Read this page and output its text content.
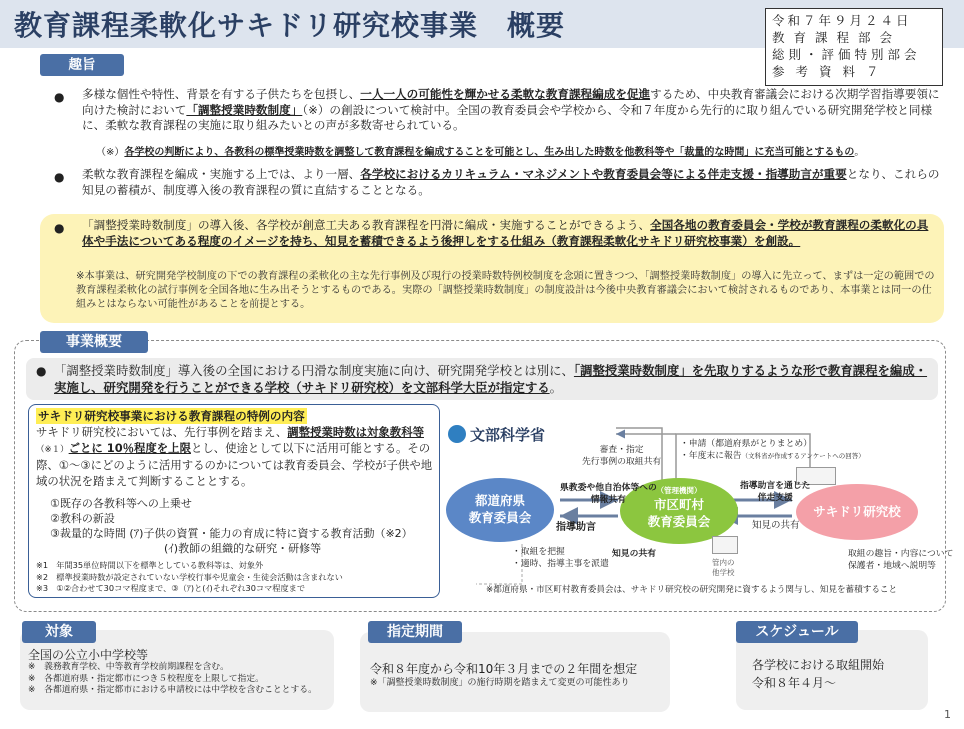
教育課程柔軟化サキドリ研究校事業　概要	令和７年９月２４日
教育課程部会
総則・評価特別部会
参考資料７
趣旨
● 多様な個性や特性、背景を有する子供たちを包摂し、一人一人の可能性を輝かせる柔軟な教育課程編成を促進するため、中央教育審議会における次期学習指導要領に向けた検討において「調整授業時数制度」（※）の創設について検討中。全国の教育委員会や学校から、令和７年度から先行的に取り組んでいる研究開発学校と同様に、柔軟な教育課程の実施に取り組みたいとの声が多数寄せられている。
（※）各学校の判断により、各教科の標準授業時数を調整して教育課程を編成することを可能とし、生み出した時数を他教科等や「裁量的な時間」に充当可能とするもの。
● 柔軟な教育課程を編成・実施する上では、より一層、各学校におけるカリキュラム・マネジメントや教育委員会等による伴走支援・指導助言が重要となり、これらの知見の蓄積が、制度導入後の教育課程の質に直結することとなる。
● 「調整授業時数制度」の導入後、各学校が創意工夫ある教育課程を円滑に編成・実施することができるよう、全国各地の教育委員会・学校が教育課程の柔軟化の具体や手法についてある程度のイメージを持ち、知見を蓄積できるよう後押しをする仕組み（教育課程柔軟化サキドリ研究校事業）を創設。
※本事業は、研究開発学校制度の下での教育課程の柔軟化の主な先行事例及び現行の授業時数特例校制度を念頭に置きつつ、「調整授業時数制度」の導入に先立って、まずは一定の範囲での教育課程柔軟化の試行事例を全国各地に生み出そうとするものである。実際の「調整授業時数制度」の制度設計は今後中央教育審議会において検討されるものであり、本事業とは同一の仕組みとはならない可能性があることを前提とする。
事業概要
● 「調整授業時数制度」導入後の全国における円滑な制度実施に向け、研究開発学校とは別に、「調整授業時数制度」を先取りするような形で教育課程を編成・実施し、研究開発を行うことができる学校（サキドリ研究校）を文部科学大臣が指定する。
サキドリ研究校事業における教育課程の特例の内容
サキドリ研究校においては、先行事例を踏まえ、調整授業時数は対象教科等（※１）ごとに 10％程度を上限とし、使途として以下に活用可能とする。その際、①～③にどのように活用するのかについては教育委員会、学校が子供や地域の状況を踏まえて判断することとする。
①既存の各教科等への上乗せ
②教科の新設
③裁量的な時間 (ｱ)子供の資質・能力の育成に特に資する教育活動（※2）
(ｲ)教師の組織的な研究・研修等
※1　年間35単位時間以下を標準としている教科等は、対象外
※2　標準授業時数が設定されていない学校行事や児童会・生徒会活動は含まれない
※3　①②合わせて30コマ程度まで、③（ｱ)と(ｲ)それぞれ30コマ程度まで
文部科学省
審査・指定
先行事例の取組共有
・申請（都道府県がとりまとめ）
・年度末に報告（文科省が作成するアンケートへの回答）
都道府県
教育委員会
（管理機関）
市区町村
教育委員会
サキドリ研究校
県教委や他自治体等への
情報共有
指導助言
指導助言を通じた
伴走支援
知見の共有
知見の共有
・取組を把握
・適時、指導主事を派遣	管内の
他学校
取組の趣旨・内容について
保護者・地域へ説明等
※都道府県・市区町村教育委員会は、サキドリ研究校の研究開発に資するよう関与し、知見を蓄積すること
対象
全国の公立小中学校等
※　義務教育学校、中等教育学校前期課程を含む。
※　各都道府県・指定都市につき５校程度を上限して指定。
※　各都道府県・指定都市における申請校には中学校を含むこととする。
指定期間
令和８年度から令和10年３月までの２年間を想定
※「調整授業時数制度」の施行時期を踏まえて変更の可能性あり
スケジュール
各学校における取組開始
令和８年４月～
1
